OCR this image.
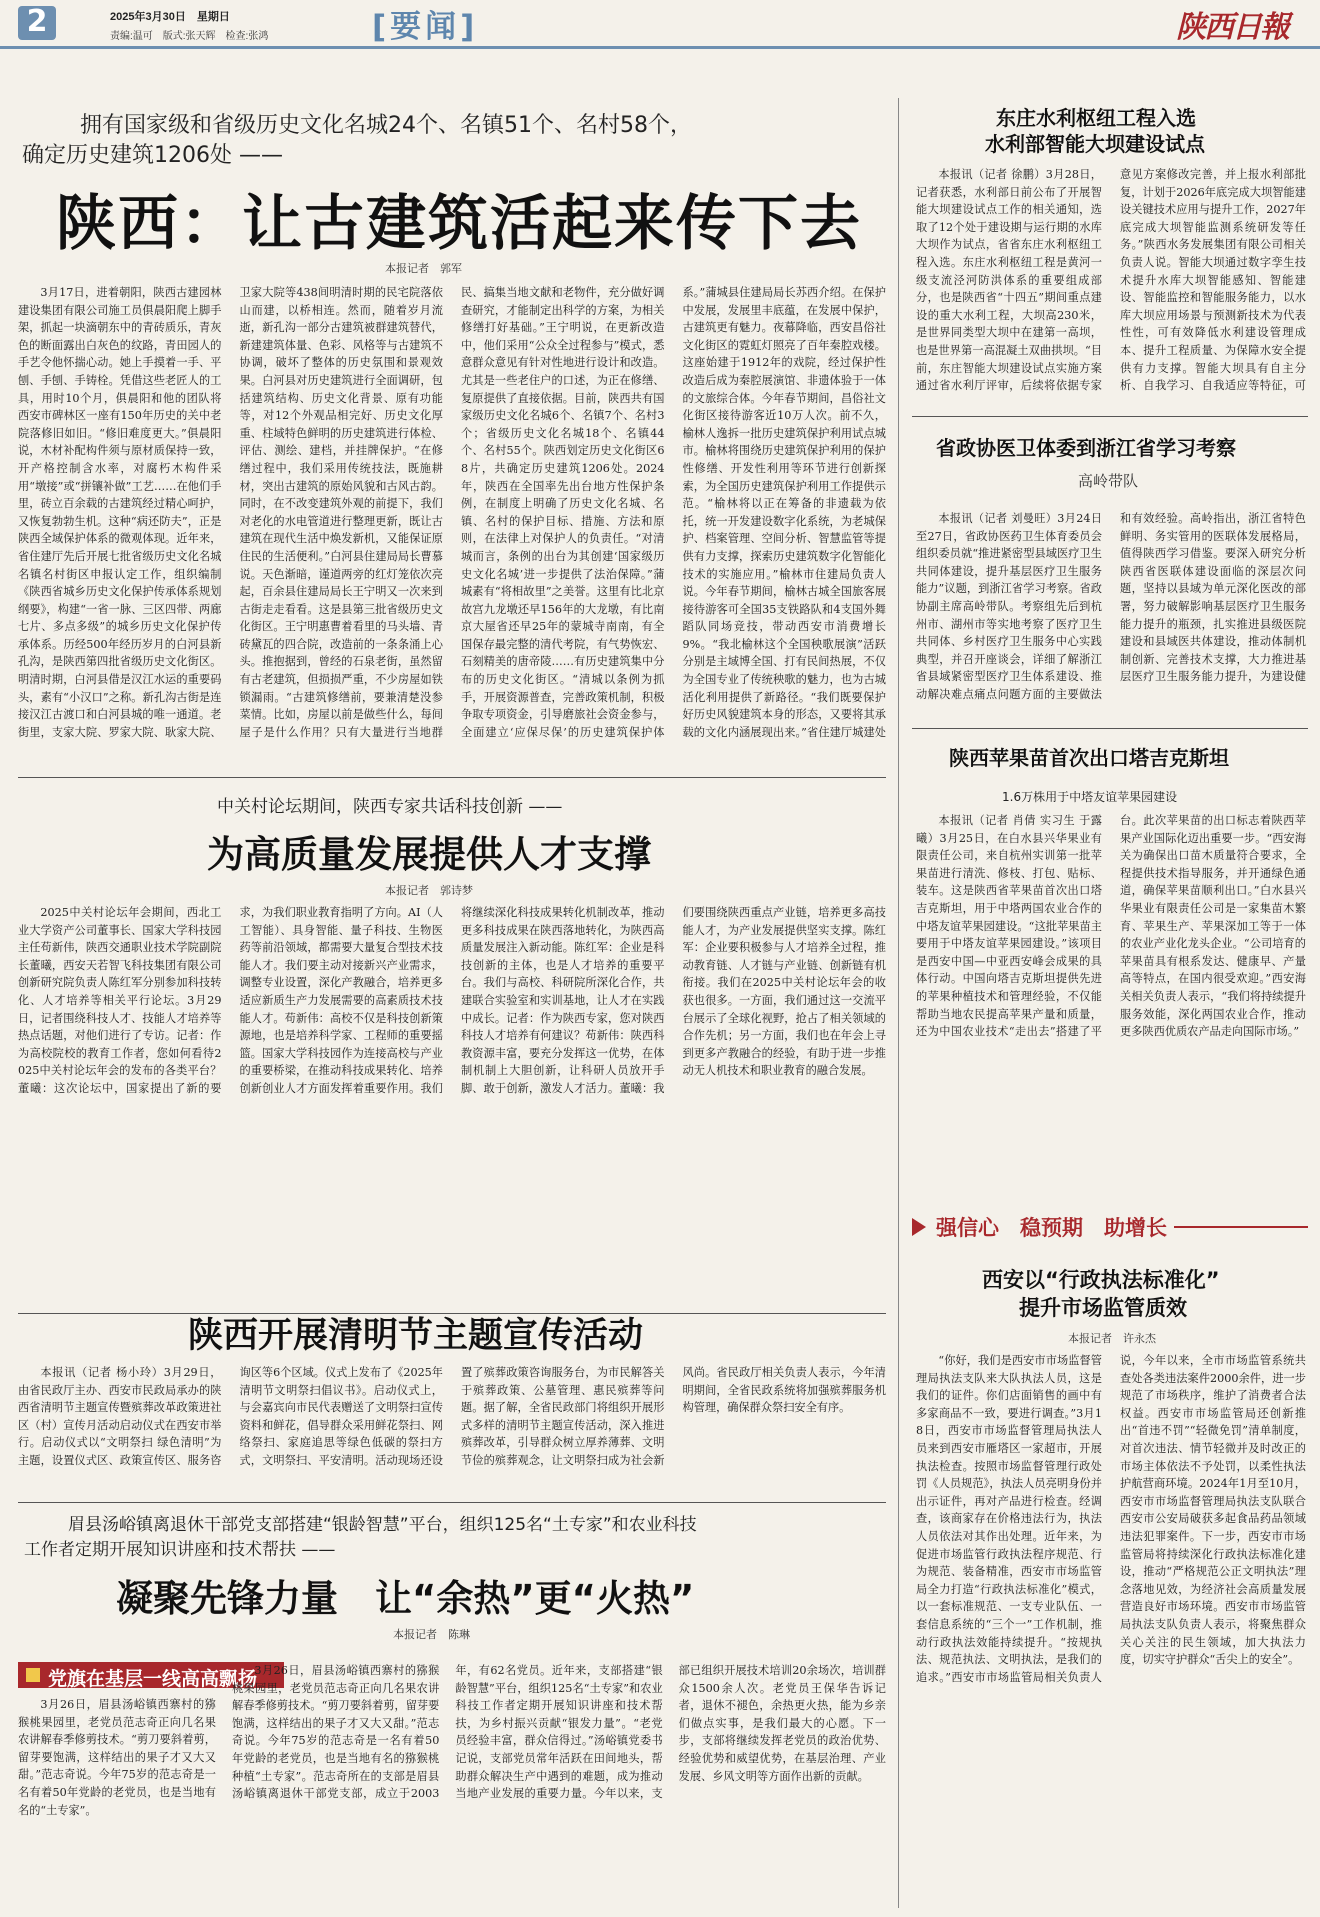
2	2025年3月30日　星期日
责编:温可　版式:张天辉　检查:张鸿	[要闻]	陕西日報
拥有国家级和省级历史文化名城24个、名镇51个、名村58个，
确定历史建筑1206处 ——
陕西：让古建筑活起来传下去
本报记者　郭军

3月17日，进着朝阳，陕西古建园林建设集团有限公司施工员俱晨阳爬上脚手架，抓起一块滴朝东中的青砖质乐，青灰色的断面露出白灰色的纹路，青田园人的手艺令他怀揣心动。她上手摸着一手、平刨、手刨、手铸栓。凭借这些老匠人的工具，用时10个月，俱晨阳和他的团队将西安市碑林区一座有150年历史的关中老院落修旧如旧。“修旧难度更大。”俱晨阳说，木材补配构件须与原材质保持一致，开产格控制含水率，对腐朽木构件采用“墩接”或“拼镶补做”工艺……在他们手里，砖立百余载的古建筑经过精心呵护，又恢复勃勃生机。这种“病还防夫”，正是陕西全域保护体系的微观体现。近年来，省住建厅先后开展七批省级历史文化名城名镇名村街区申报认定工作，组织编制《陕西省城乡历史文化保护传承体系规划纲要》，构建“一省一脉、三区四带、两廊七片、多点多级”的城乡历史文化保护传承体系。历经500年经历岁月的白河县新孔沟，是陕西第四批省级历史文化街区。明清时期，白河县借是汉江水运的重要码头，素有“小汉口”之称。新孔沟古街是连接汉江古渡口和白河县城的唯一通道。老街里，支家大院、罗家大院、耿家大院、卫家大院等438间明清时期的民宅院落依山而建，以桥相连。然而，随着岁月流逝，新孔沟一部分古建筑被群建筑替代，新建建筑体量、色彩、风格等与古建筑不协调，破坏了整体的历史氛围和景观效果。白河县对历史建筑进行全面调研，包括建筑结构、历史文化背景、原有功能等，对12个外观品相完好、历史文化厚重、柱域特色鲜明的历史建筑进行体检、评估、测绘、建档，并挂牌保护。“在修缮过程中，我们采用传统技法，既施耕材，突出古建筑的原始风貌和古风古韵。同时，在不改变建筑外观的前提下，我们对老化的水电管道进行整理更新，既让古建筑在现代生活中焕发新机，又能保证原住民的生活便利。”白河县住建局局长曹慕说。天色渐暗，谨道两旁的红灯笼依次亮起，百余县住建局局长王宁明又一次来到古街走走看看。这是县第三批省级历史文化街区。王宁明惠曹着看里的马头墙、青砖黛瓦的四合院，改造前的一条条涌上心头。推抱据到，曾经的石泉老街，虽然留有古老建筑，但损损严重，不少房屋如铁锁漏雨。“古建筑修缮前，要兼清楚没参菜情。比如，房屋以前是做些什么，每间屋子是什么作用？只有大量进行当地群民、搞集当地文献和老物件，充分做好调查研究，才能制定出科学的方案，为相关修缮打好基础。”王宁明说，在更新改造中，他们采用“公众全过程参与”模式，悉意群众意见有针对性地进行设计和改造。尤其是一些老住户的口述，为正在修缮、复原提供了直接依据。目前，陕西共有国家级历史文化名城6个、名镇7个、名村3个；省级历史文化名城18个、名镇44个、名村55个。陕西划定历史文化街区68片，共确定历史建筑1206处。2024年，陕西在全国率先出台地方性保护条例，在制度上明确了历史文化名城、名镇、名村的保护目标、措施、方法和原则，在法律上对保护人的负责任。“对清城而言，条例的出台为其创建‘国家级历史文化名城’进一步提供了法治保障。”蒲城素有“将相故里”之美誉。这里有比北京故宫九龙墩还早156年的大龙墩，有比南京大屋省还早25年的蒙城寺南南，有全国保存最完整的清代考院，有气势恢宏、石刻精美的唐帝陵……有历史建筑集中分布的历史文化街区。“清城以条例为抓手，开展资源普查，完善政策机制，积极争取专项资金，引导磨旅社会资金参与，全面建立‘应保尽保’的历史建筑保护体系。”蒲城县住建局局长苏西介绍。在保护中发展，发展里丰底蕴，在发展中保护，古建筑更有魅力。夜幕降临，西安昌俗社文化街区的霓虹灯照亮了百年秦腔戏楼。这座始建于1912年的戏院，经过保护性改造后成为秦腔展演馆、非遗体验于一体的文旅综合体。今年春节期间，昌俗社文化街区接待游客近10万人次。前不久，榆林人逸拆一批历史建筑保护利用试点城市。榆林将围绕历史建筑保护利用的保护性修缮、开发性利用等环节进行创新探索，为全国历史建筑保护利用工作提供示范。“榆林将以正在筹备的非遗载为依托，统一开发建设数字化系统，为老城保护、档案管理、空间分析、智慧监管等提供有力支撑，探索历史建筑数字化智能化技术的实施应用。”榆林市住建局负责人说。今年春节期间，榆林古城全国旅客展接待游客可全国35支铁路队和4支国外舞蹈队同场竞技，带动西安市消费增长9%。“我北榆林这个全国秧歌展演”活跃分别是主域博全国、打有民间热展，不仅为全国专业了传统秧歌的魅力，也为古城活化利用提供了新路径。“我们既要保护好历史风貌建筑本身的形态，又要将其承载的文化内涵展现出来。”省住建厅城建处

中关村论坛期间，陕西专家共话科技创新 ——
为高质量发展提供人才支撑
本报记者　郭诗梦

2025中关村论坛年会期间，西北工业大学资产公司董事长、国家大学科技园主任苟新伟，陕西交通职业技术学院副院长董曦，西安天若智飞科技集团有限公司创新研究院负责人陈红军分别参加科技转化、人才培养等相关平行论坛。3月29日，记者围绕科技人才、技能人才培养等热点话题，对他们进行了专访。记者：作为高校院校的教育工作者，您如何看待2025中关村论坛年会的发布的各类平台？董曦：这次论坛中，国家提出了新的要求，为我们职业教育指明了方向。AI（人工智能）、具身智能、量子科技、生物医药等前沿领域，都需要大量复合型技术技能人才。我们要主动对接新兴产业需求，调整专业设置，深化产教融合，培养更多适应新质生产力发展需要的高素质技术技能人才。苟新伟：高校不仅是科技创新策源地，也是培养科学家、工程师的重要摇篮。国家大学科技园作为连接高校与产业的重要桥梁，在推动科技成果转化、培养创新创业人才方面发挥着重要作用。我们将继续深化科技成果转化机制改革，推动更多科技成果在陕西落地转化，为陕西高质量发展注入新动能。陈红军：企业是科技创新的主体，也是人才培养的重要平台。我们与高校、科研院所深化合作，共建联合实验室和实训基地，让人才在实践中成长。记者：作为陕西专家，您对陕西科技人才培养有何建议？苟新伟：陕西科教资源丰富，要充分发挥这一优势，在体制机制上大胆创新，让科研人员放开手脚、敢于创新，激发人才活力。董曦：我们要围绕陕西重点产业链，培养更多高技能人才，为产业发展提供坚实支撑。陈红军：企业要积极参与人才培养全过程，推动教育链、人才链与产业链、创新链有机衔接。我们在2025中关村论坛年会的收获也很多。一方面，我们通过这一交流平台展示了全球化视野，抢占了相关领域的合作先机；另一方面，我们也在年会上寻到更多产教融合的经验，有助于进一步推动无人机技术和职业教育的融合发展。

陕西开展清明节主题宣传活动

本报讯（记者 杨小玲）3月29日，由省民政厅主办、西安市民政局承办的陕西省清明节主题宣传暨殡葬改革政策进社区（村）宣传月活动启动仪式在西安市举行。启动仪式以“文明祭扫 绿色清明”为主题，设置仪式区、政策宣传区、服务咨询区等6个区域。仪式上发布了《2025年清明节文明祭扫倡议书》。启动仪式上，与会嘉宾向市民代表赠送了文明祭扫宣传资料和鲜花，倡导群众采用鲜花祭扫、网络祭扫、家庭追思等绿色低碳的祭扫方式，文明祭扫、平安清明。活动现场还设置了殡葬政策咨询服务台，为市民解答关于殡葬政策、公墓管理、惠民殡葬等问题。据了解，全省民政部门将组织开展形式多样的清明节主题宣传活动，深入推进殡葬改革，引导群众树立厚养薄葬、文明节俭的殡葬观念，让文明祭扫成为社会新风尚。省民政厅相关负责人表示，今年清明期间，全省民政系统将加强殡葬服务机构管理，确保群众祭扫安全有序。

眉县汤峪镇离退休干部党支部搭建“银龄智慧”平台，组织125名“土专家”和农业科技
工作者定期开展知识讲座和技术帮扶 ——
凝聚先锋力量　让“余热”更“火热”
本报记者　陈琳
党旗在基层一线高高飘扬

3月26日，眉县汤峪镇西寨村的猕猴桃果园里，老党员范志奇正向几名果农讲解春季修剪技术。“剪刀要斜着剪，留芽要饱满，这样结出的果子才又大又甜。”范志奇说。今年75岁的范志奇是一名有着50年党龄的老党员，也是当地有名的“土专家”。

3月26日，眉县汤峪镇西寨村的猕猴桃果园里，老党员范志奇正向几名果农讲解春季修剪技术。“剪刀要斜着剪，留芽要饱满，这样结出的果子才又大又甜。”范志奇说。今年75岁的范志奇是一名有着50年党龄的老党员，也是当地有名的猕猴桃种植“土专家”。范志奇所在的支部是眉县汤峪镇离退休干部党支部，成立于2003年，有62名党员。近年来，支部搭建“银龄智慧”平台，组织125名“土专家”和农业科技工作者定期开展知识讲座和技术帮扶，为乡村振兴贡献“银发力量”。“老党员经验丰富，群众信得过。”汤峪镇党委书记说，支部党员常年活跃在田间地头，帮助群众解决生产中遇到的难题，成为推动当地产业发展的重要力量。今年以来，支部已组织开展技术培训20余场次，培训群众1500余人次。老党员王保华告诉记者，退休不褪色，余热更火热，能为乡亲们做点实事，是我们最大的心愿。下一步，支部将继续发挥老党员的政治优势、经验优势和威望优势，在基层治理、产业发展、乡风文明等方面作出新的贡献。

东庄水利枢纽工程入选
水利部智能大坝建设试点

本报讯（记者 徐鹏）3月28日，记者获悉，水利部日前公布了开展智能大坝建设试点工作的相关通知，选取了12个处于建设期与运行期的水库大坝作为试点，省省东庄水利枢纽工程入选。东庄水利枢纽工程是黄河一级支流泾河防洪体系的重要组成部分，也是陕西省“十四五”期间重点建设的重大水利工程，大坝高230米，是世界同类型大坝中在建第一高坝，也是世界第一高混凝土双曲拱坝。“目前，东庄智能大坝建设试点实施方案通过省水利厅评审，后续将依据专家意见方案修改完善，并上报水利部批复，计划于2026年底完成大坝智能建设关键技术应用与提升工作，2027年底完成大坝智能监测系统研发等任务。”陕西水务发展集团有限公司相关负责人说。智能大坝通过数字孪生技术提升水库大坝智能感知、智能建设、智能监控和智能服务能力，以水库大坝应用场景与预测新技术为代表性性，可有效降低水利建设管理成本、提升工程质量、为保障水安全提供有力支撑。智能大坝具有自主分析、自我学习、自我适应等特征，可

省政协医卫体委到浙江省学习考察
高岭带队

本报讯（记者 刘曼旺）3月24日至27日，省政协医药卫生体育委员会组织委员就“推进紧密型县域医疗卫生共同体建设，提升基层医疗卫生服务能力”议题，到浙江省学习考察。省政协副主席高岭带队。考察组先后到杭州市、湖州市等实地考察了医疗卫生共同体、乡村医疗卫生服务中心实践典型，并召开座谈会，详细了解浙江省县域紧密型医疗卫生体系建设、推动解决难点痛点问题方面的主要做法和有效经验。高岭指出，浙江省特色鲜明、务实管用的医联体发展格局，值得陕西学习借鉴。要深入研究分析陕西省医联体建设面临的深层次问题，坚持以县域为单元深化医改的部署，努力破解影响基层医疗卫生服务能力提升的瓶颈，扎实推进县级医院建设和县域医共体建设，推动体制机制创新、完善技术支撑，大力推进基层医疗卫生服务能力提升，为建设健

陕西苹果苗首次出口塔吉克斯坦
1.6万株用于中塔友谊苹果园建设

本报讯（记者 肖倩 实习生 于露曦）3月25日，在白水县兴华果业有限责任公司，来自杭州实训第一批苹果苗进行清洗、修枝、打包、贴标、装车。这是陕西省苹果苗首次出口塔吉克斯坦，用于中塔两国农业合作的中塔友谊苹果园建设。“这批苹果苗主要用于中塔友谊苹果园建设。”该项目是西安中国—中亚西安峰会成果的具体行动。中国向塔吉克斯坦提供先进的苹果种植技术和管理经验，不仅能帮助当地农民提高苹果产量和质量，还为中国农业技术“走出去”搭建了平台。此次苹果苗的出口标志着陕西苹果产业国际化迈出重要一步。“西安海关为确保出口苗木质量符合要求，全程提供技术指导服务，并开通绿色通道，确保苹果苗顺利出口。”白水县兴华果业有限责任公司是一家集苗木繁育、苹果生产、苹果深加工等于一体的农业产业化龙头企业。“公司培育的苹果苗具有根系发达、健康早、产量高等特点，在国内很受欢迎。”西安海关相关负责人表示，“我们将持续提升服务效能，深化两国农业合作，推动更多陕西优质农产品走向国际市场。”

强信心　稳预期　助增长
西安以“行政执法标准化”
提升市场监管质效
本报记者　许永杰

“你好，我们是西安市市场监督管理局执法支队来大队执法人员，这是我们的证件。你们店面销售的画中有多家商品不一致，要进行调查。”3月18日，西安市市场监督管理局执法人员来到西安市雁塔区一家超市，开展执法检查。按照市场监督管理行政处罚《人员规范》，执法人员亮明身份并出示证件，再对产品进行检查。经调查，该商家存在价格违法行为，执法人员依法对其作出处理。近年来，为促进市场监管行政执法程序规范、行为规范、装备精准，西安市市场监管局全力打造“行政执法标准化”模式，以一套标准规范、一支专业队伍、一套信息系统的“三个一”工作机制，推动行政执法效能持续提升。“按规执法、规范执法、文明执法，是我们的追求。”西安市市场监管局相关负责人说，今年以来，全市市场监管系统共查处各类违法案件2000余件，进一步规范了市场秩序，维护了消费者合法权益。西安市市场监管局还创新推出“首违不罚”“轻微免罚”清单制度，对首次违法、情节轻微并及时改正的市场主体依法不予处罚，以柔性执法护航营商环境。2024年1月至10月，西安市市场监督管理局执法支队联合西安市公安局破获多起食品药品领域违法犯罪案件。下一步，西安市市场监管局将持续深化行政执法标准化建设，推动“严格规范公正文明执法”理念落地见效，为经济社会高质量发展营造良好市场环境。西安市市场监管局执法支队负责人表示，将聚焦群众关心关注的民生领域，加大执法力度，切实守护群众“舌尖上的安全”。
